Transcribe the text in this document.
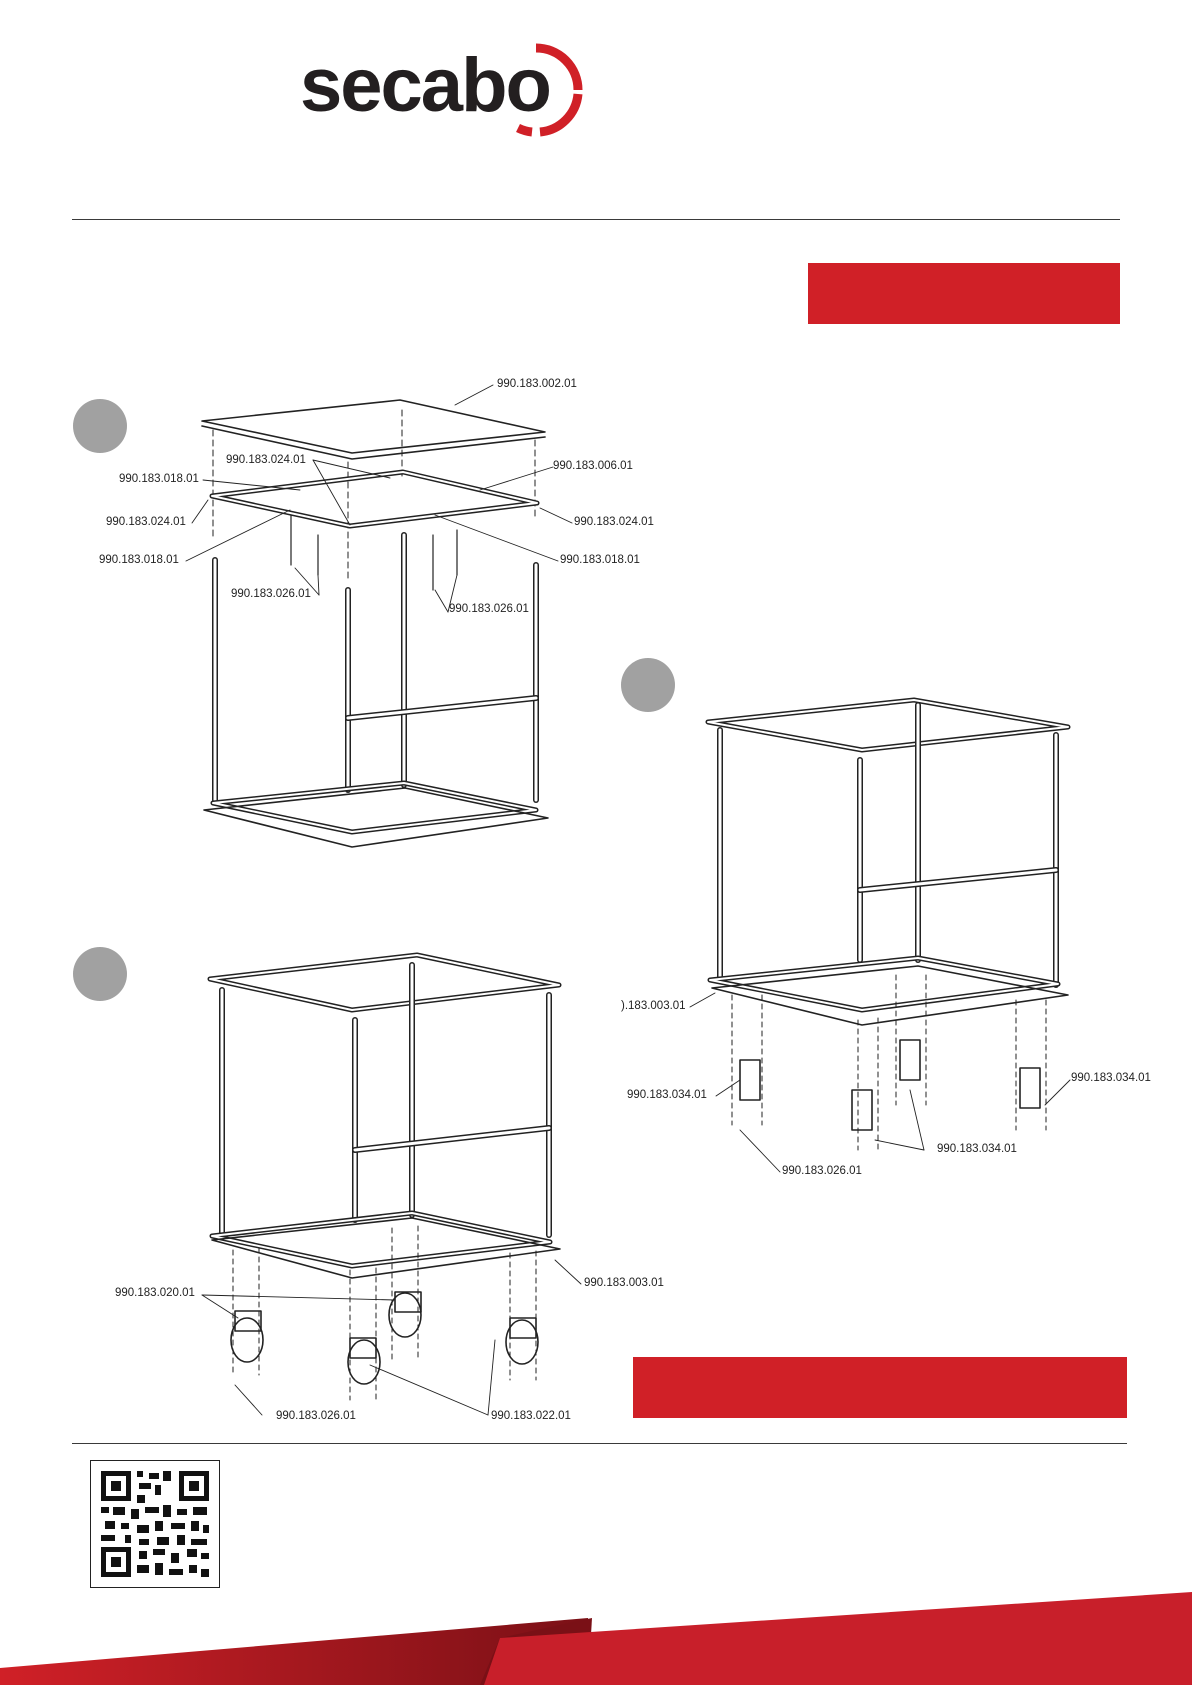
secabo
990.183.002.01
990.183.024.01	990.183.006.01
990.183.018.01
990.183.024.01	990.183.024.01
990.183.018.01	990.183.018.01
990.183.026.01
990.183.026.01
).183.003.01
990.183.034.01
990.183.034.01
990.183.034.01
990.183.026.01
990.183.020.01
990.183.003.01
990.183.026.01	990.183.022.01
